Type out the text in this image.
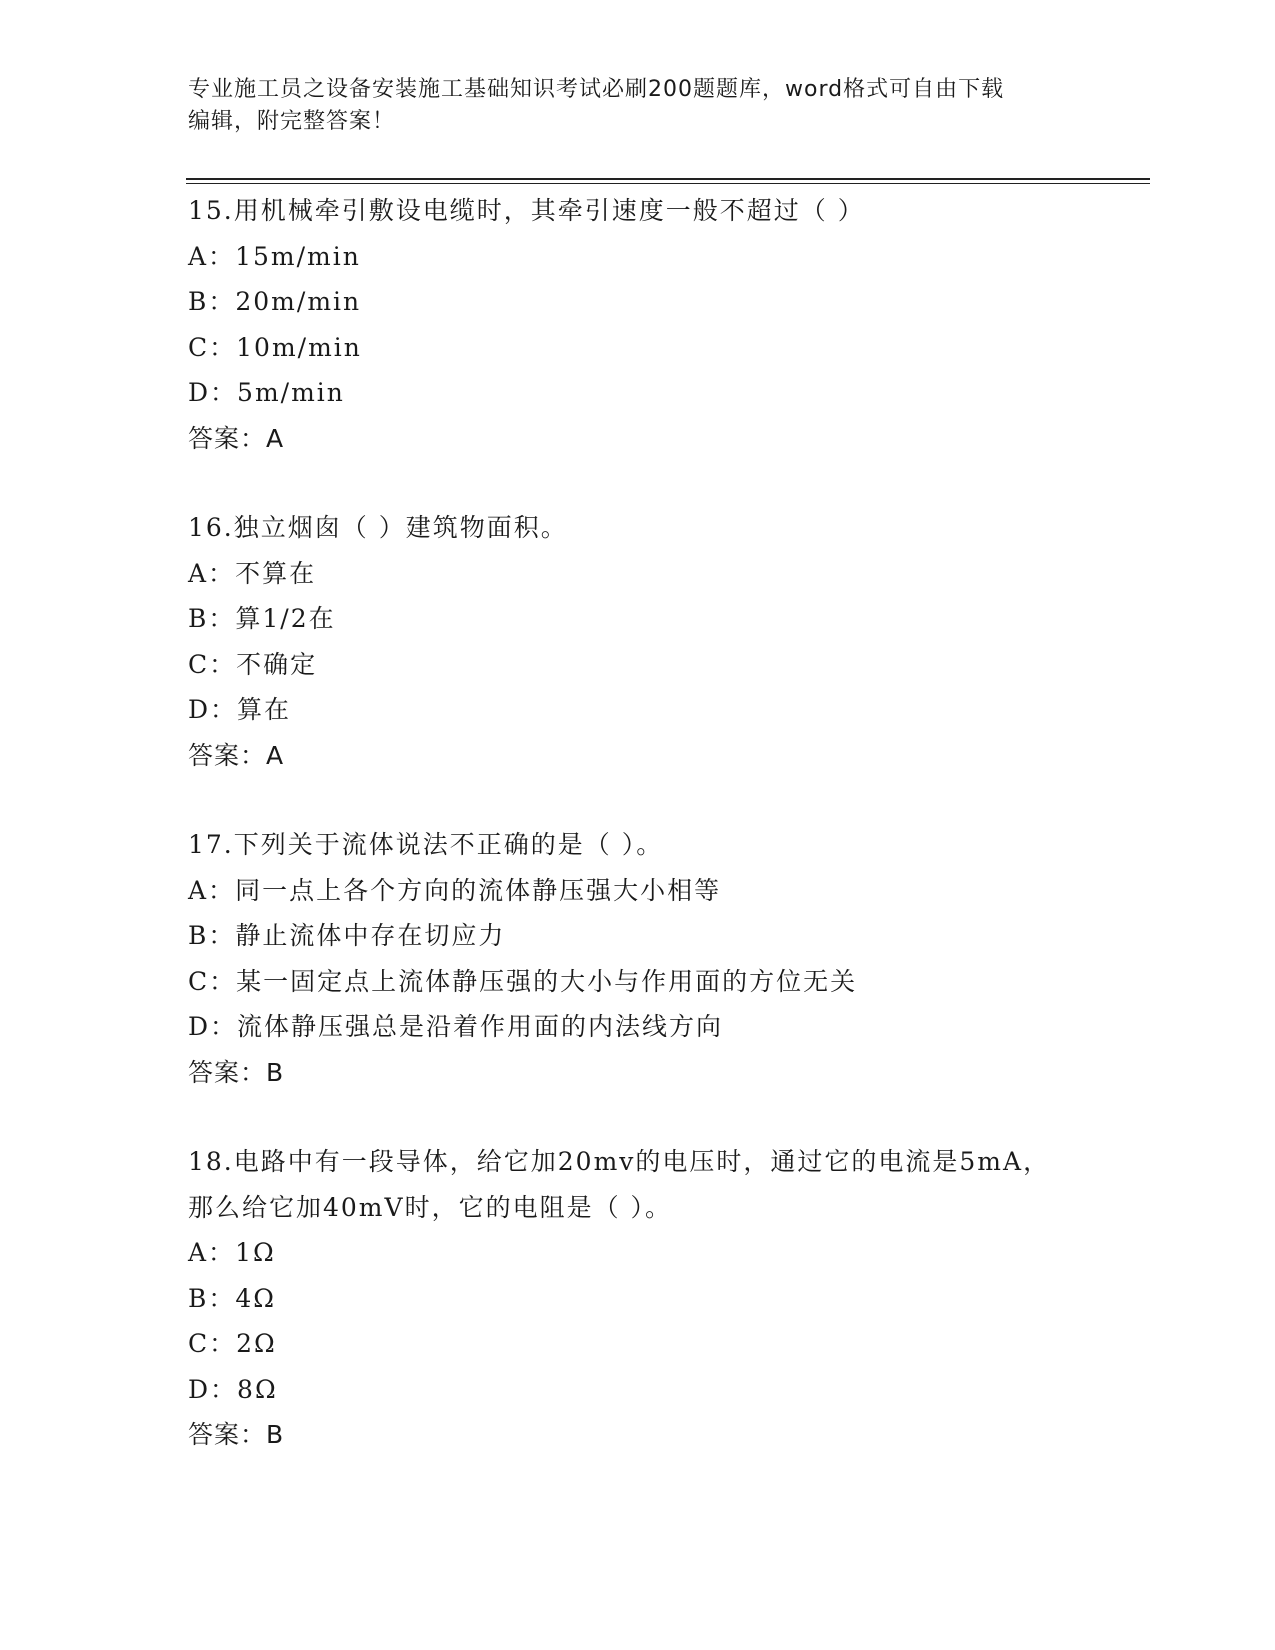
专业施工员之设备安装施工基础知识考试必刷200题题库，word格式可自由下载
编辑，附完整答案！
15.用机械牵引敷设电缆时，其牵引速度一般不超过（ ）
A：15m/min
B：20m/min
C：10m/min
D：5m/min
答案：A
16.独立烟囱（ ）建筑物面积。
A：不算在
B：算1/2在
C：不确定
D：算在
答案：A
17.下列关于流体说法不正确的是（ ）。
A：同一点上各个方向的流体静压强大小相等
B：静止流体中存在切应力
C：某一固定点上流体静压强的大小与作用面的方位无关
D：流体静压强总是沿着作用面的内法线方向
答案：B
18.电路中有一段导体，给它加20mv的电压时，通过它的电流是5mA，
那么给它加40mV时，它的电阻是（ ）。
A：1Ω
B：4Ω
C：2Ω
D：8Ω
答案：B
